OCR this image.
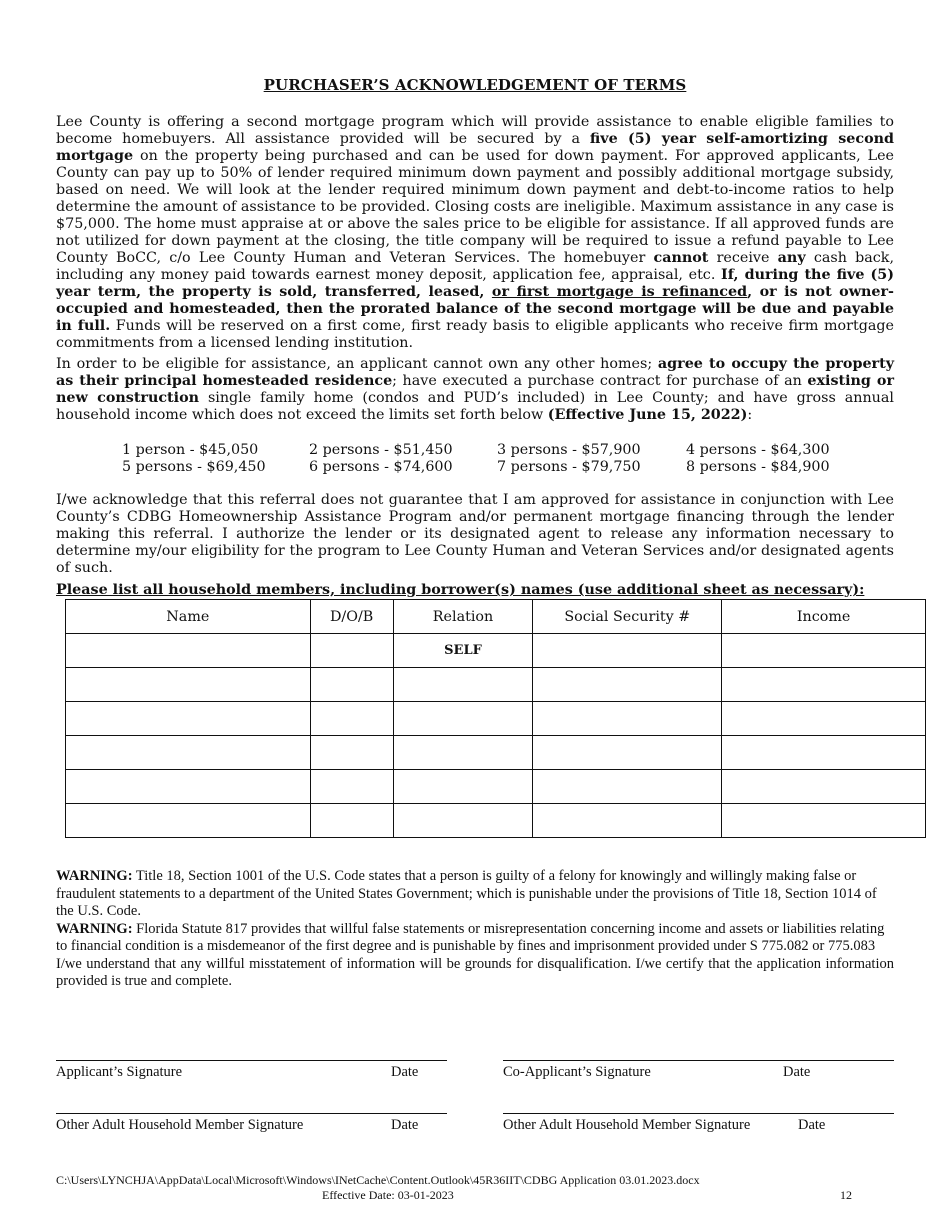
PURCHASER’S ACKNOWLEDGEMENT OF TERMS
Lee County is offering a second mortgage program which will provide assistance to enable eligible families to become homebuyers. All assistance provided will be secured by a five (5) year self-amortizing second mortgage on the property being purchased and can be used for down payment. For approved applicants, Lee County can pay up to 50% of lender required minimum down payment and possibly additional mortgage subsidy, based on need. We will look at the lender required minimum down payment and debt-to-income ratios to help determine the amount of assistance to be provided. Closing costs are ineligible. Maximum assistance in any case is $75,000. The home must appraise at or above the sales price to be eligible for assistance. If all approved funds are not utilized for down payment at the closing, the title company will be required to issue a refund payable to Lee County BoCC, c/o Lee County Human and Veteran Services. The homebuyer cannot receive any cash back, including any money paid towards earnest money deposit, application fee, appraisal, etc. If, during the five (5) year term, the property is sold, transferred, leased, or first mortgage is refinanced, or is not owner-occupied and homesteaded, then the prorated balance of the second mortgage will be due and payable in full. Funds will be reserved on a first come, first ready basis to eligible applicants who receive firm mortgage commitments from a licensed lending institution.
In order to be eligible for assistance, an applicant cannot own any other homes; agree to occupy the property as their principal homesteaded residence; have executed a purchase contract for purchase of an existing or new construction single family home (condos and PUD’s included) in Lee County; and have gross annual household income which does not exceed the limits set forth below (Effective June 15, 2022):
1 person - $45,050	2 persons - $51,450	3 persons - $57,900	4 persons - $64,300
5 persons - $69,450	6 persons - $74,600	7 persons - $79,750	8 persons - $84,900
I/we acknowledge that this referral does not guarantee that I am approved for assistance in conjunction with Lee County’s CDBG Homeownership Assistance Program and/or permanent mortgage financing through the lender making this referral. I authorize the lender or its designated agent to release any information necessary to determine my/our eligibility for the program to Lee County Human and Veteran Services and/or designated agents of such.
Please list all household members, including borrower(s) names (use additional sheet as necessary):
Name	D/O/B	Relation	Social Security #	Income
		SELF		

WARNING: Title 18, Section 1001 of the U.S. Code states that a person is guilty of a felony for knowingly and willingly making false or fraudulent statements to a department of the United States Government; which is punishable under the provisions of Title 18, Section 1014 of the U.S. Code.

WARNING: Florida Statute 817 provides that willful false statements or misrepresentation concerning income and assets or liabilities relating to financial condition is a misdemeanor of the first degree and is punishable by fines and imprisonment provided under S 775.082 or 775.083

I/we understand that any willful misstatement of information will be grounds for disqualification. I/we certify that the application information provided is true and complete.

Applicant’s Signature	Date	Co-Applicant’s Signature	Date
Other Adult Household Member Signature	Date	Other Adult Household Member Signature	Date
C:\Users\LYNCHJA\AppData\Local\Microsoft\Windows\INetCache\Content.Outlook\45R36IIT\CDBG Application 03.01.2023.docx
Effective Date: 03-01-2023	12
